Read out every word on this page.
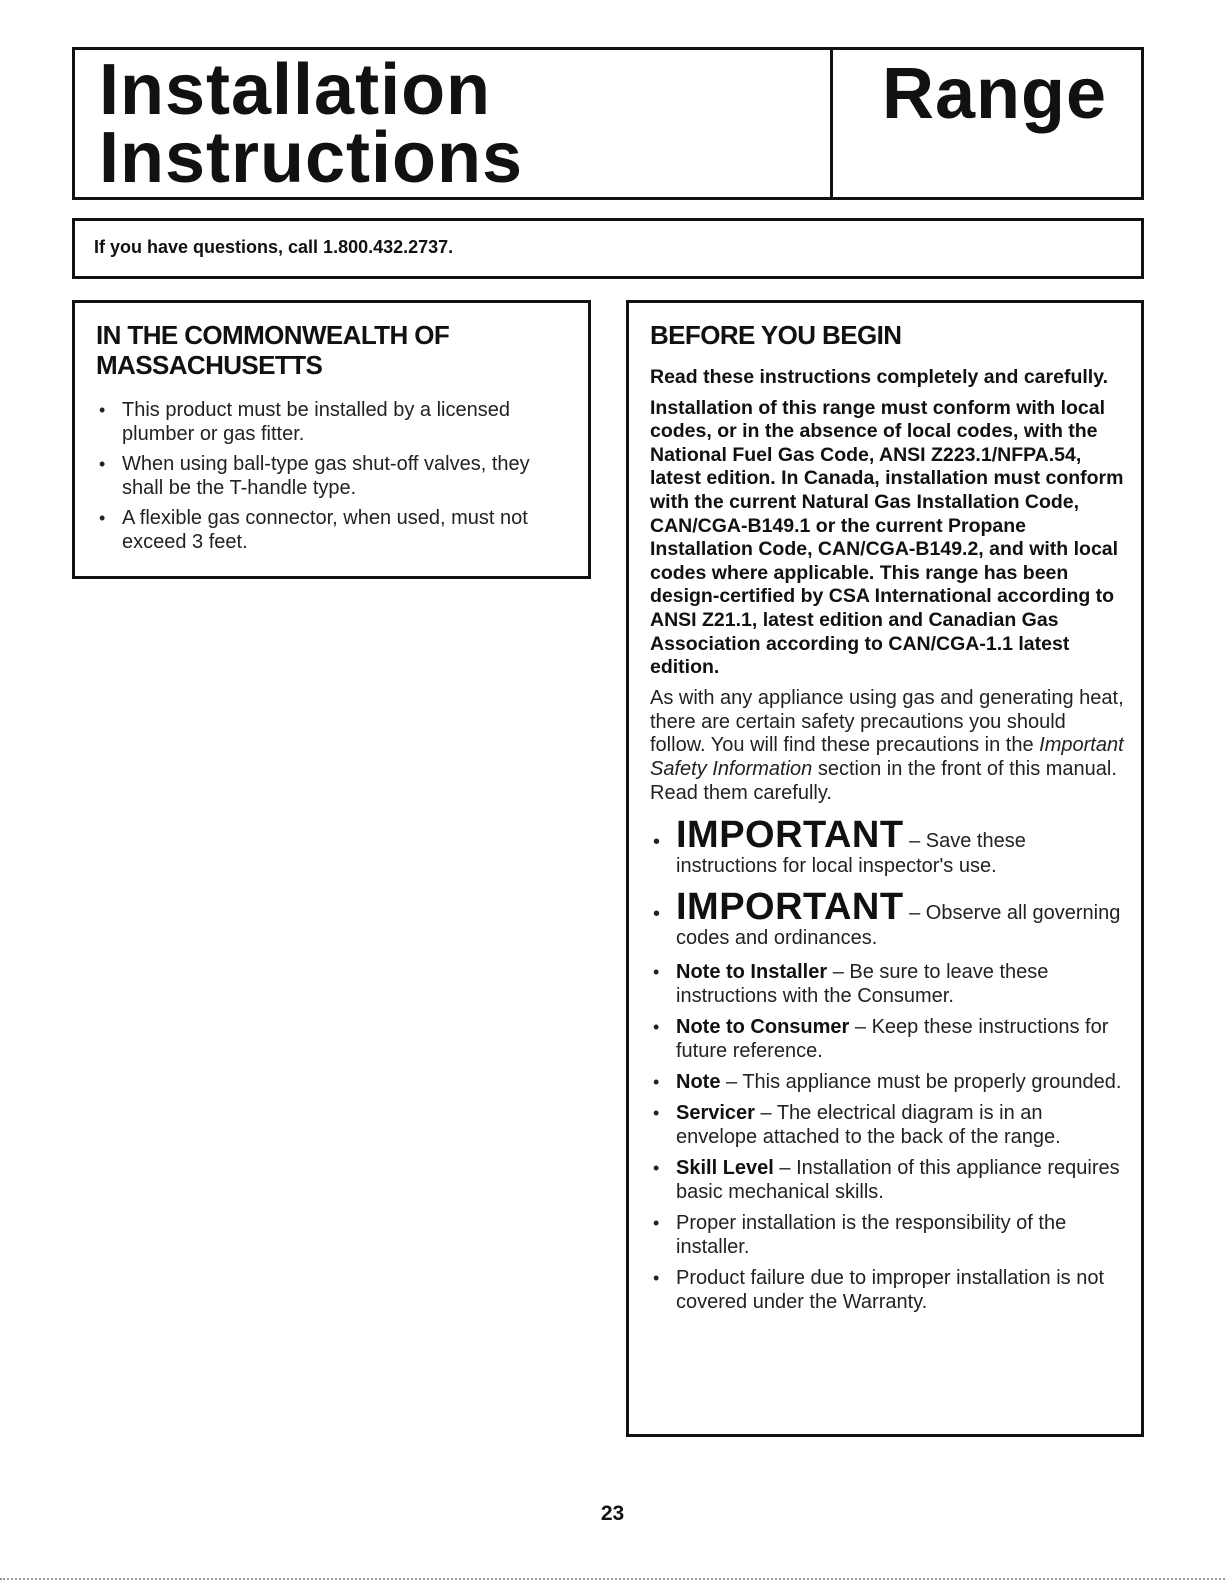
Installation
Instructions
Range
If you have questions, call 1.800.432.2737.
IN THE COMMONWEALTH OF MASSACHUSETTS
• This product must be installed by a licensed plumber or gas fitter.
• When using ball-type gas shut-off valves, they shall be the T-handle type.
• A flexible gas connector, when used, must not exceed 3 feet.
BEFORE YOU BEGIN

Read these instructions completely and carefully.

Installation of this range must conform with local codes, or in the absence of local codes, with the National Fuel Gas Code, ANSI Z223.1/NFPA.54, latest edition. In Canada, installation must conform with the current Natural Gas Installation Code, CAN/CGA-B149.1 or the current Propane Installation Code, CAN/CGA-B149.2, and with local codes where applicable. This range has been design-certified by CSA International according to ANSI Z21.1, latest edition and Canadian Gas Association according to CAN/CGA-1.1 latest edition.

As with any appliance using gas and generating heat, there are certain safety precautions you should follow. You will find these precautions in the Important Safety Information section in the front of this manual. Read them carefully.

• IMPORTANT – Save these instructions for local inspector's use.
• IMPORTANT – Observe all governing codes and ordinances.
• Note to Installer – Be sure to leave these instructions with the Consumer.
• Note to Consumer – Keep these instructions for future reference.
• Note – This appliance must be properly grounded.
• Servicer – The electrical diagram is in an envelope attached to the back of the range.
• Skill Level – Installation of this appliance requires basic mechanical skills.
• Proper installation is the responsibility of the installer.
• Product failure due to improper installation is not covered under the Warranty.
23
